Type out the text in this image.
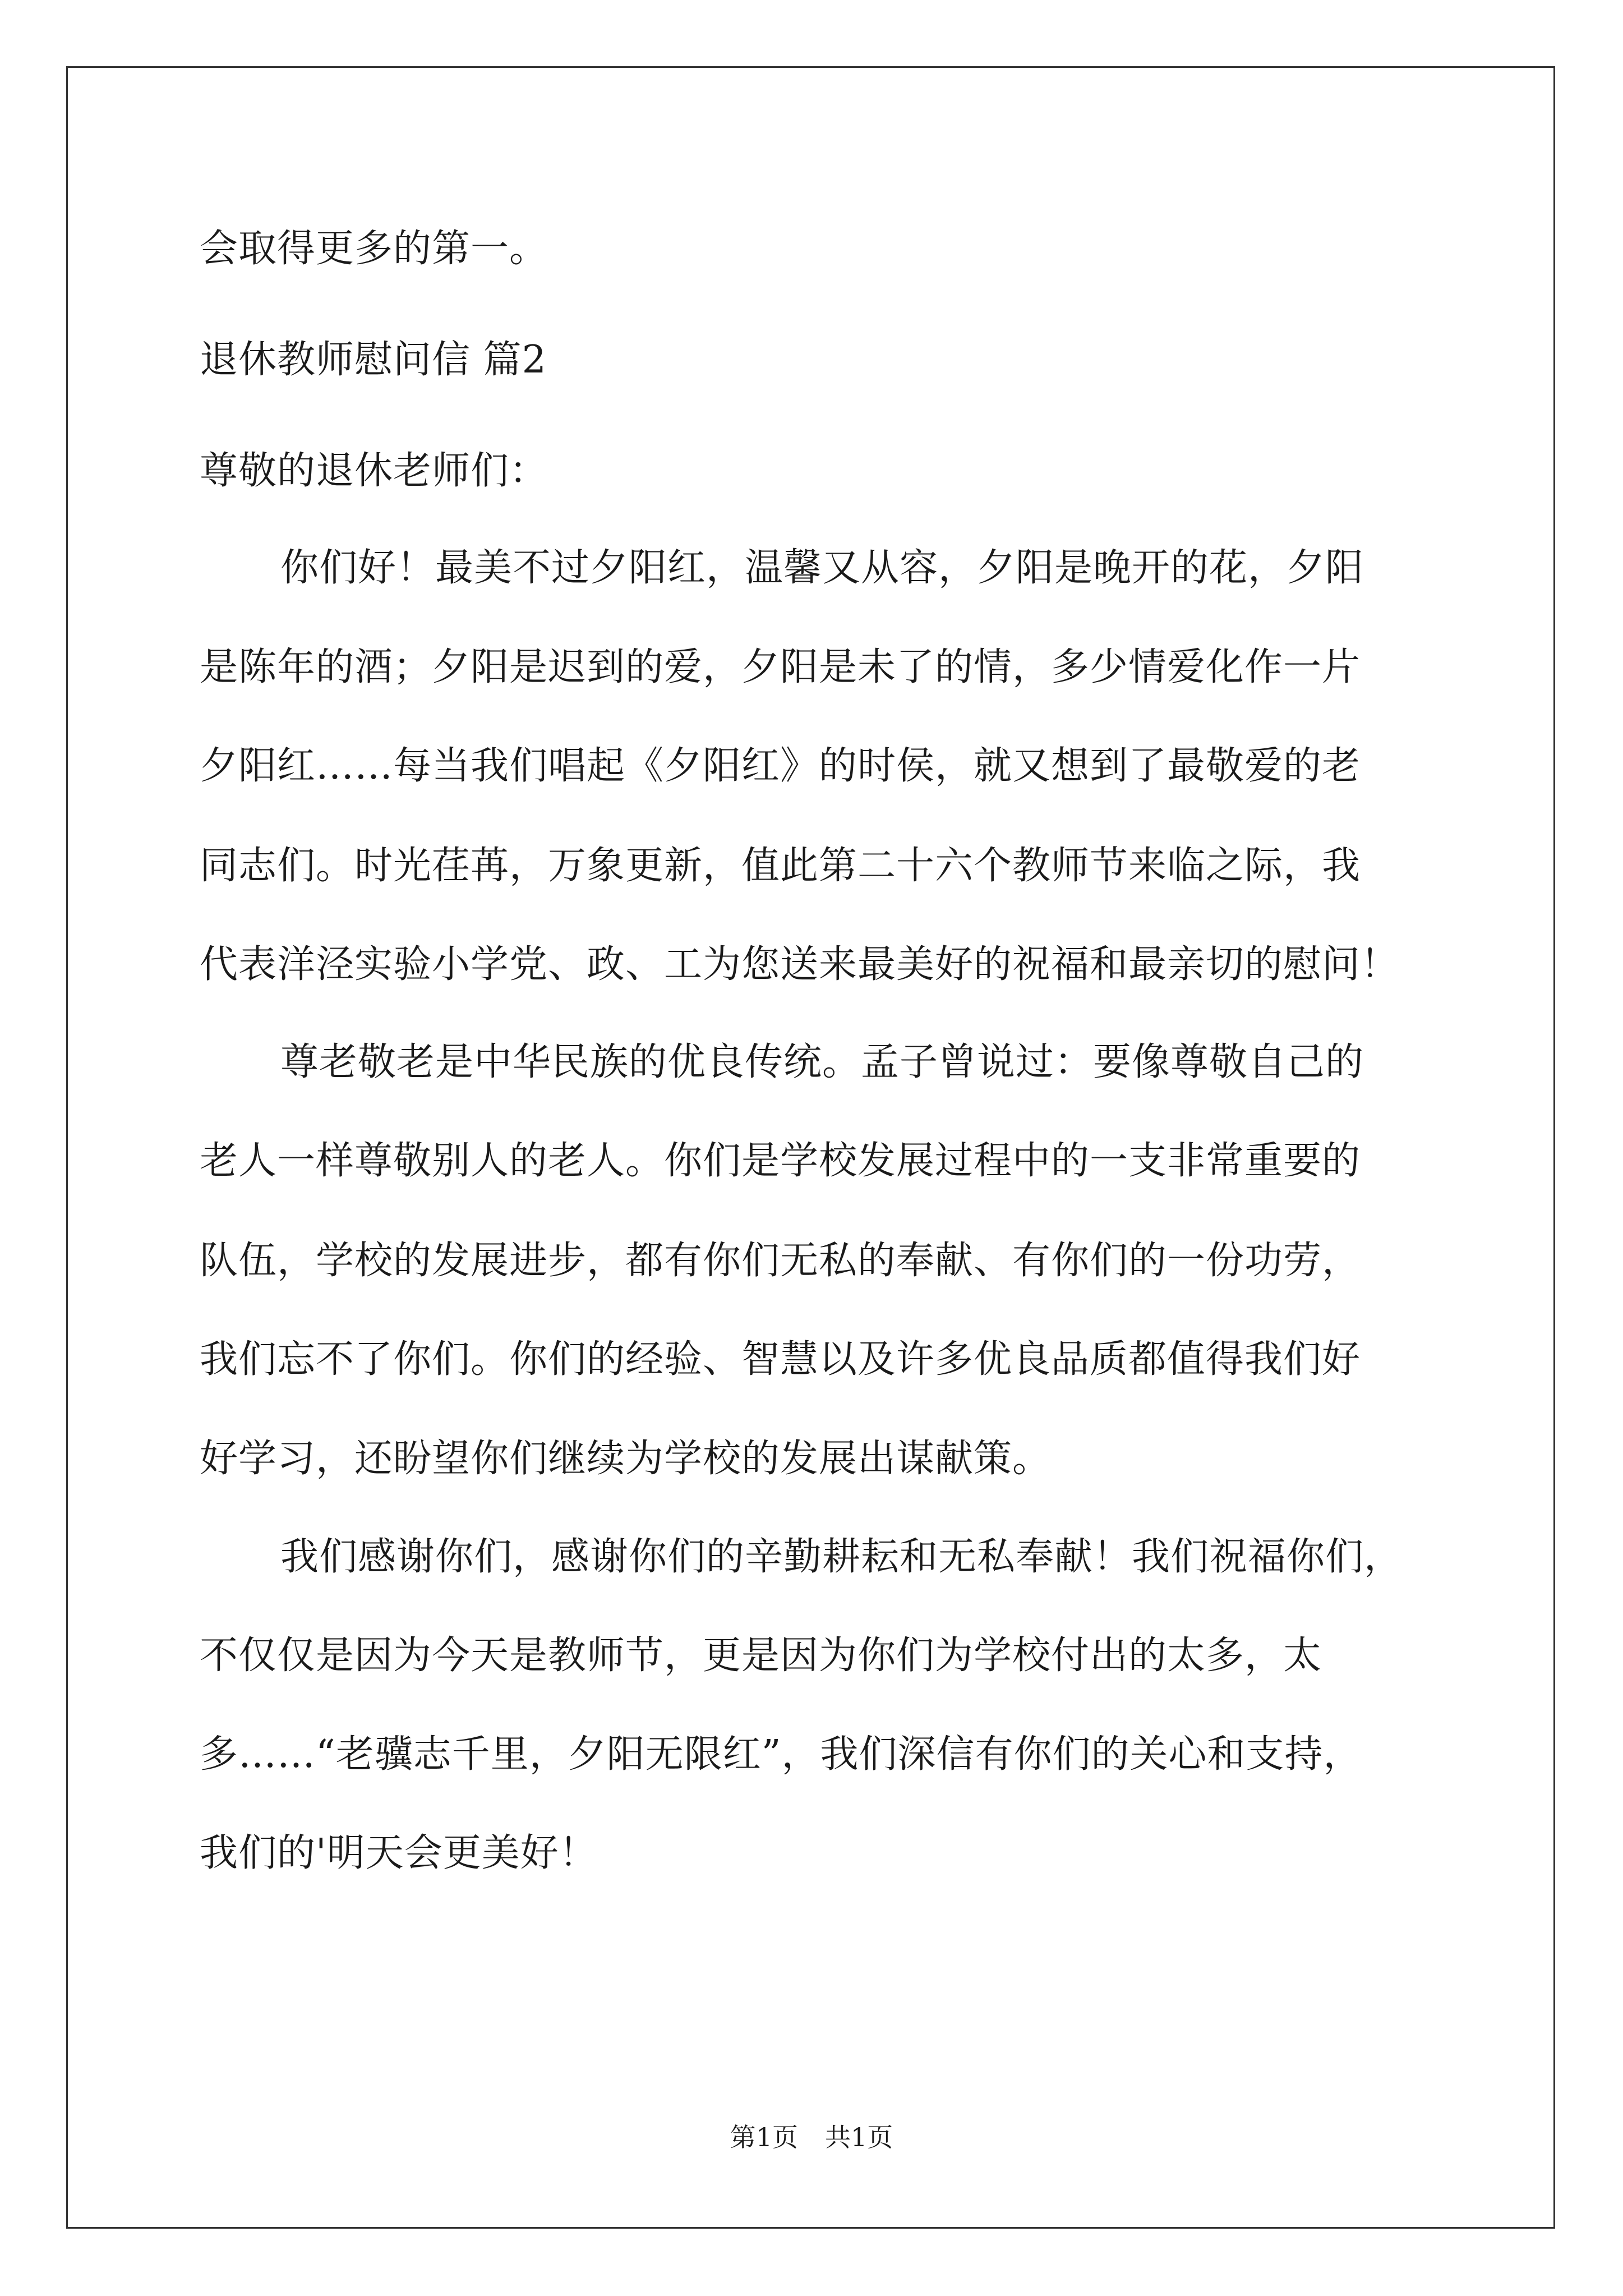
会取得更多的第一。

退休教师慰问信 篇2

尊敬的退休老师们：

你们好！最美不过夕阳红，温馨又从容，夕阳是晚开的花，夕阳

是陈年的酒；夕阳是迟到的爱，夕阳是未了的情，多少情爱化作一片

夕阳红……每当我们唱起《夕阳红》的时侯，就又想到了最敬爱的老

同志们。时光荏苒，万象更新，值此第二十六个教师节来临之际，我

代表洋泾实验小学党、政、工为您送来最美好的祝福和最亲切的慰问！

尊老敬老是中华民族的优良传统。孟子曾说过：要像尊敬自己的

老人一样尊敬别人的老人。你们是学校发展过程中的一支非常重要的

队伍，学校的发展进步，都有你们无私的奉献、有你们的一份功劳，

我们忘不了你们。你们的经验、智慧以及许多优良品质都值得我们好

好学习，还盼望你们继续为学校的发展出谋献策。

我们感谢你们，感谢你们的辛勤耕耘和无私奉献！我们祝福你们，

不仅仅是因为今天是教师节，更是因为你们为学校付出的太多，太

多……“老骥志千里，夕阳无限红”，我们深信有你们的关心和支持，

我们的'明天会更美好！

第1页 共1页
